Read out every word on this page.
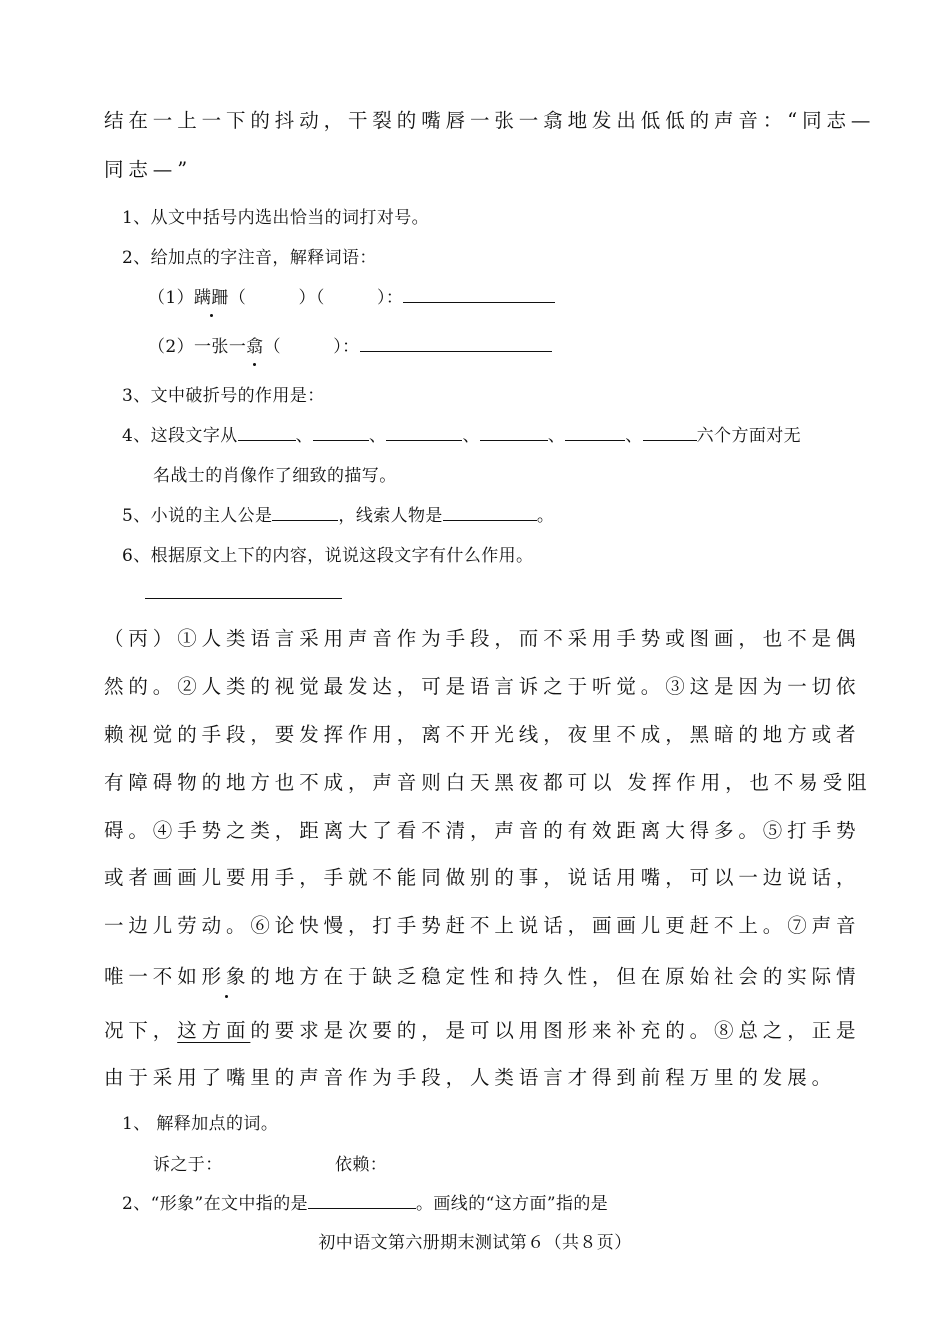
结在一上一下的抖动，干裂的嘴唇一张一翕地发出低低的声音：“同志—
同志—”
1、从文中括号内选出恰当的词打对号。
2、给加点的字注音，解释词语：
（1）蹒跚（　　　）（　　　）：
（2）一张一翕（　　　）：
3、文中破折号的作用是：
4、这段文字从	、	、	、	、	、	六个方面对无
名战士的肖像作了细致的描写。
5、小说的主人公是	，线索人物是	。
6、根据原文上下的内容，说说这段文字有什么作用。
（丙）①人类语言采用声音作为手段，而不采用手势或图画，也不是偶
然的。②人类的视觉最发达，可是语言诉之于听觉。③这是因为一切依
赖视觉的手段，要发挥作用，离不开光线，夜里不成，黑暗的地方或者
有障碍物的地方也不成，声音则白天黑夜都可以 发挥作用，也不易受阻
碍。④手势之类，距离大了看不清，声音的有效距离大得多。⑤打手势
或者画画儿要用手，手就不能同做别的事，说话用嘴，可以一边说话，
一边儿劳动。⑥论快慢，打手势赶不上说话，画画儿更赶不上。⑦声音
唯一不如形象的地方在于缺乏稳定性和持久性，但在原始社会的实际情
况下，这方面的要求是次要的，是可以用图形来补充的。⑧总之，正是
由于采用了嘴里的声音作为手段，人类语言才得到前程万里的发展。
1、 解释加点的词。
诉之于：	依赖：
2、“形象”在文中指的是	。画线的“这方面”指的是
初中语文第六册期末测试第６（共８页）
